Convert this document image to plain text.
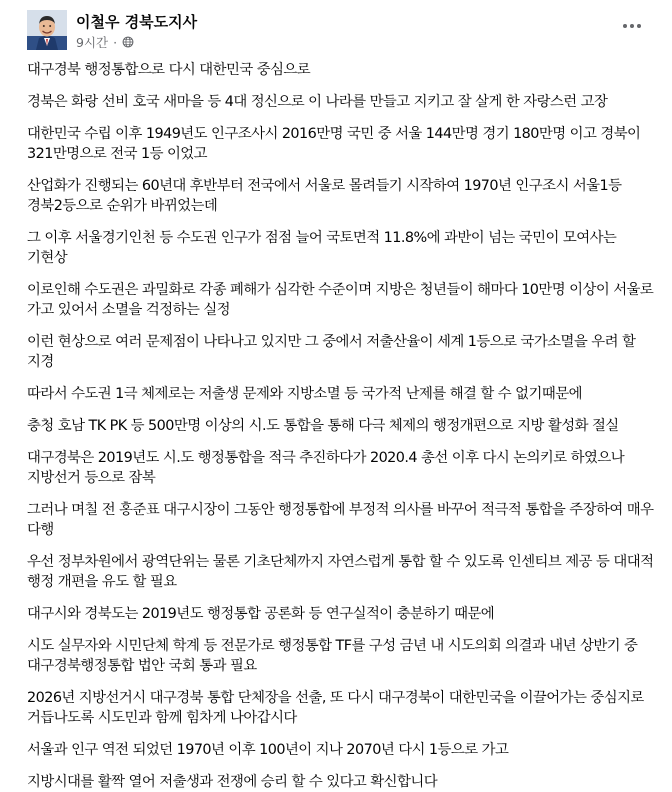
이철우 경북도지사
9시간 ·

대구경북 행정통합으로 다시 대한민국 중심으로

경북은 화랑 선비 호국 새마을 등 4대 정신으로 이 나라를 만들고 지키고 잘 살게 한 자랑스런 고장

대한민국 수립 이후 1949년도 인구조사시 2016만명 국민 중 서울 144만명 경기 180만명 이고 경북이 321만명으로 전국 1등 이었고

산업화가 진행되는 60년대 후반부터 전국에서 서울로 몰려들기 시작하여 1970년 인구조시 서울1등 경북2등으로 순위가 바뀌었는데

그 이후 서울경기인천 등 수도권 인구가 점점 늘어 국토면적 11.8%에 과반이 넘는 국민이 모여사는 기현상

이로인해 수도권은 과밀화로 각종 폐해가 심각한 수준이며 지방은 청년들이 해마다 10만명 이상이 서울로 가고 있어서 소멸을 걱정하는 실정

이런 현상으로 여러 문제점이 나타나고 있지만 그 중에서 저출산율이 세계 1등으로 국가소멸을 우려 할 지경

따라서 수도권 1극 체제로는 저출생 문제와 지방소멸 등 국가적 난제를 해결 할 수 없기때문에

충청 호남 TK PK 등 500만명 이상의 시.도 통합을 통해 다극 체제의 행정개편으로 지방 활성화 절실

대구경북은 2019년도 시.도 행정통합을 적극 추진하다가 2020.4 총선 이후 다시 논의키로 하였으나 지방선거 등으로 잠복

그러나 며칠 전 홍준표 대구시장이 그동안 행정통합에 부정적 의사를 바꾸어 적극적 통합을 주장하여 매우 다행

우선 정부차원에서 광역단위는 물론 기초단체까지 자연스럽게 통합 할 수 있도록 인센티브 제공 등 대대적 행정 개편을 유도 할 필요

대구시와 경북도는 2019년도 행정통합 공론화 등 연구실적이 충분하기 때문에

시도 실무자와 시민단체 학계 등 전문가로 행정통합 TF를 구성 금년 내 시도의회 의결과 내년 상반기 중 대구경북행정통합 법안 국회 통과 필요

2026년 지방선거시 대구경북 통합 단체장을 선출, 또 다시 대구경북이 대한민국을 이끌어가는 중심지로 거듭나도록 시도민과 함께 힘차게 나아갑시다

서울과 인구 역전 되었던 1970년 이후 100년이 지나 2070년 다시 1등으로 가고

지방시대를 활짝 열어 저출생과 전쟁에 승리 할 수 있다고 확신합니다
